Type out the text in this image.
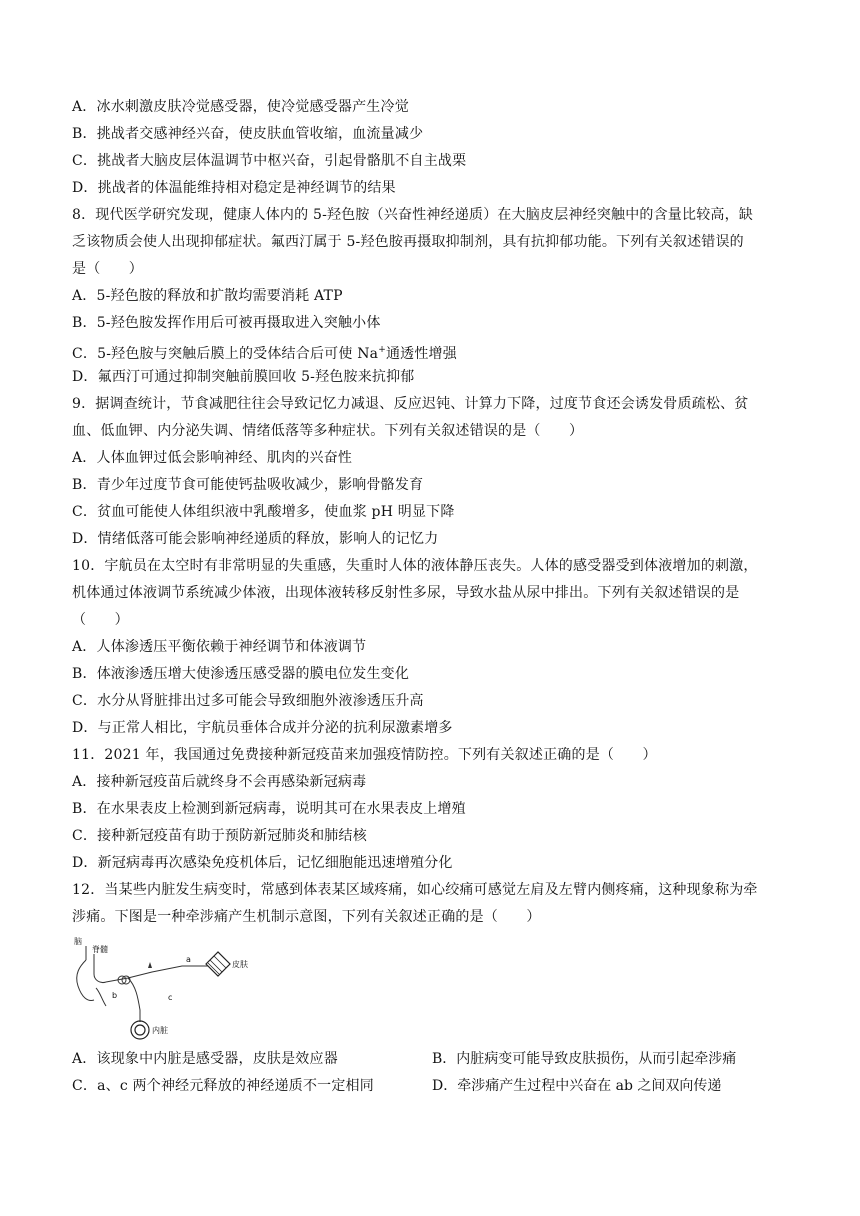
A．冰水刺激皮肤冷觉感受器，使冷觉感受器产生冷觉
B．挑战者交感神经兴奋，使皮肤血管收缩，血流量减少
C．挑战者大脑皮层体温调节中枢兴奋，引起骨骼肌不自主战栗
D．挑战者的体温能维持相对稳定是神经调节的结果
8．现代医学研究发现，健康人体内的 5-羟色胺（兴奋性神经递质）在大脑皮层神经突触中的含量比较高，缺
乏该物质会使人出现抑郁症状。氟西汀属于 5-羟色胺再摄取抑制剂，具有抗抑郁功能。下列有关叙述错误的
是（　　）
A．5-羟色胺的释放和扩散均需要消耗 ATP
B．5-羟色胺发挥作用后可被再摄取进入突触小体
C．5-羟色胺与突触后膜上的受体结合后可使 Na+通透性增强
D．氟西汀可通过抑制突触前膜回收 5-羟色胺来抗抑郁
9．据调查统计，节食减肥往往会导致记忆力减退、反应迟钝、计算力下降，过度节食还会诱发骨质疏松、贫
血、低血钾、内分泌失调、情绪低落等多种症状。下列有关叙述错误的是（　　）
A．人体血钾过低会影响神经、肌肉的兴奋性
B．青少年过度节食可能使钙盐吸收减少，影响骨骼发育
C．贫血可能使人体组织液中乳酸增多，使血浆 pH 明显下降
D．情绪低落可能会影响神经递质的释放，影响人的记忆力
10．宇航员在太空时有非常明显的失重感，失重时人体的液体静压丧失。人体的感受器受到体液增加的刺激，
机体通过体液调节系统减少体液，出现体液转移反射性多尿，导致水盐从尿中排出。下列有关叙述错误的是
（　　）
A．人体渗透压平衡依赖于神经调节和体液调节
B．体液渗透压增大使渗透压感受器的膜电位发生变化
C．水分从肾脏排出过多可能会导致细胞外液渗透压升高
D．与正常人相比，宇航员垂体合成并分泌的抗利尿激素增多
11．2021 年，我国通过免费接种新冠疫苗来加强疫情防控。下列有关叙述正确的是（　　）
A．接种新冠疫苗后就终身不会再感染新冠病毒
B．在水果表皮上检测到新冠病毒，说明其可在水果表皮上增殖
C．接种新冠疫苗有助于预防新冠肺炎和肺结核
D．新冠病毒再次感染免疫机体后，记忆细胞能迅速增殖分化
12．当某些内脏发生病变时，常感到体表某区域疼痛，如心绞痛可感觉左肩及左臂内侧疼痛，这种现象称为牵
涉痛。下图是一种牵涉痛产生机制示意图，下列有关叙述正确的是（　　）
脑
脊髓
皮肤
内脏
a
b	c
A．该现象中内脏是感受器，皮肤是效应器	B．内脏病变可能导致皮肤损伤，从而引起牵涉痛
C．a、c 两个神经元释放的神经递质不一定相同	D．牵涉痛产生过程中兴奋在 ab 之间双向传递
